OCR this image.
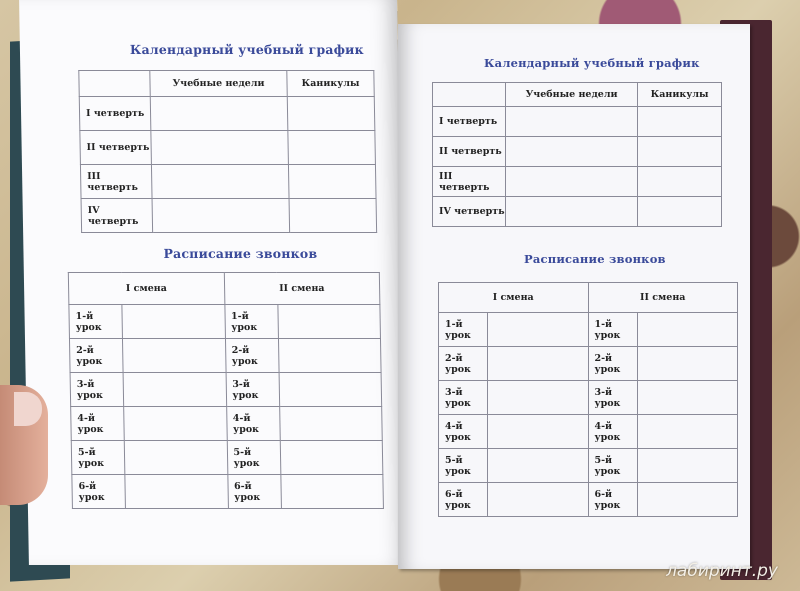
Календарный учебный график
	Учебные недели	Каникулы
I четверть		
II четверть		
III четверть		
IV четверть		
Расписание звонков
I смена		II смена	
1-й урок		1-й урок	
2-й урок		2-й урок	
3-й урок		3-й урок	
4-й урок		4-й урок	
5-й урок		5-й урок	
6-й урок		6-й урок	
Календарный учебный график
	Учебные недели	Каникулы
I четверть		
II четверть		
III четверть		
IV четверть		
Расписание звонков
I смена		II смена	
1-й урок		1-й урок	
2-й урок		2-й урок	
3-й урок		3-й урок	
4-й урок		4-й урок	
5-й урок		5-й урок	
6-й урок		6-й урок	
лабиринт.ру
